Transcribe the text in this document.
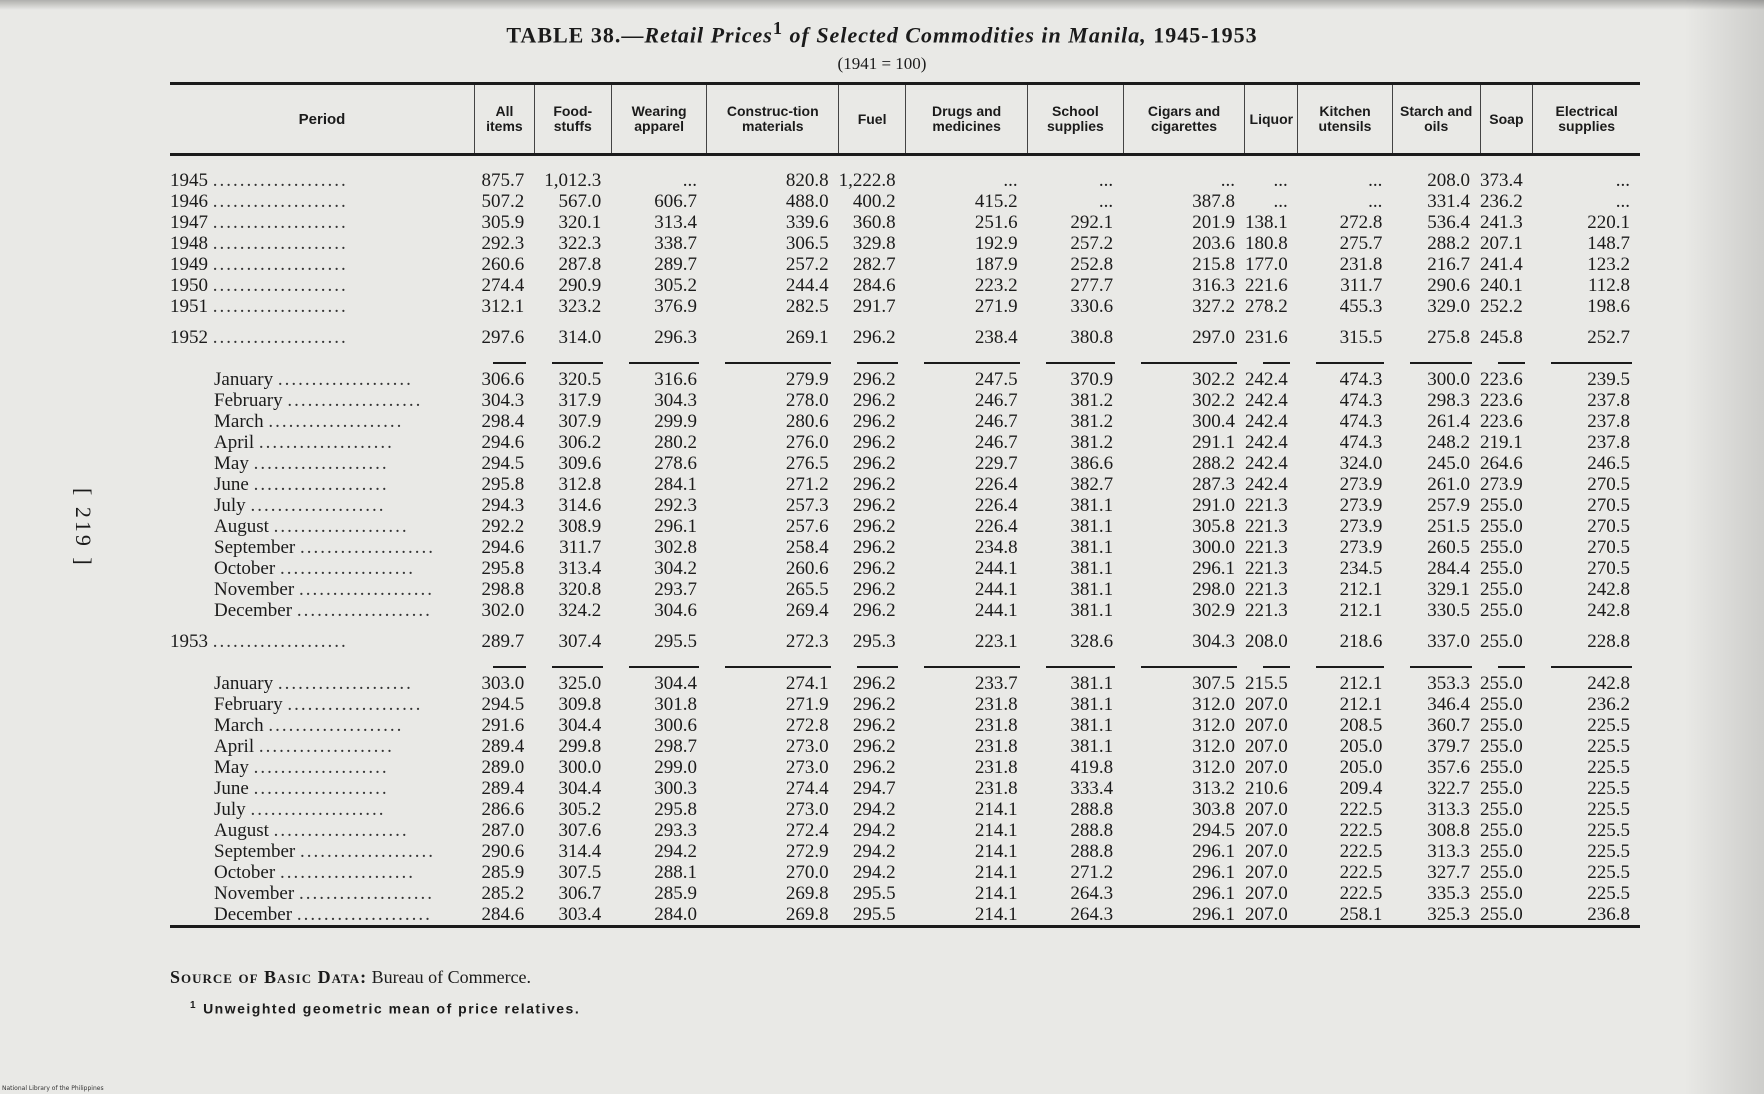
TABLE 38.—Retail Prices$^1$ of Selected Commodities in Manila, 1945-1953
(1941 = 100)
[ 219 ]
Period	All items	Food-stuffs	Wearing apparel	Construc-tion materials	Fuel	Drugs and medicines	School supplies	Cigars and cigarettes	Liquor	Kitchen utensils	Starch and oils	Soap	Electrical supplies

1945 ....................	875.7	1,012.3	...	820.8	1,222.8	...	...	...	...	...	208.0	373.4	...
1946 ....................	507.2	567.0	606.7	488.0	400.2	415.2	...	387.8	...	...	331.4	236.2	...
1947 ....................	305.9	320.1	313.4	339.6	360.8	251.6	292.1	201.9	138.1	272.8	536.4	241.3	220.1
1948 ....................	292.3	322.3	338.7	306.5	329.8	192.9	257.2	203.6	180.8	275.7	288.2	207.1	148.7
1949 ....................	260.6	287.8	289.7	257.2	282.7	187.9	252.8	215.8	177.0	231.8	216.7	241.4	123.2
1950 ....................	274.4	290.9	305.2	244.4	284.6	223.2	277.7	316.3	221.6	311.7	290.6	240.1	112.8
1951 ....................	312.1	323.2	376.9	282.5	291.7	271.9	330.6	327.2	278.2	455.3	329.0	252.2	198.6
1952 ....................	297.6	314.0	296.3	269.1	296.2	238.4	380.8	297.0	231.6	315.5	275.8	245.8	252.7

January ....................	306.6	320.5	316.6	279.9	296.2	247.5	370.9	302.2	242.4	474.3	300.0	223.6	239.5
February ....................	304.3	317.9	304.3	278.0	296.2	246.7	381.2	302.2	242.4	474.3	298.3	223.6	237.8
March ....................	298.4	307.9	299.9	280.6	296.2	246.7	381.2	300.4	242.4	474.3	261.4	223.6	237.8
April ....................	294.6	306.2	280.2	276.0	296.2	246.7	381.2	291.1	242.4	474.3	248.2	219.1	237.8
May ....................	294.5	309.6	278.6	276.5	296.2	229.7	386.6	288.2	242.4	324.0	245.0	264.6	246.5
June ....................	295.8	312.8	284.1	271.2	296.2	226.4	382.7	287.3	242.4	273.9	261.0	273.9	270.5
July ....................	294.3	314.6	292.3	257.3	296.2	226.4	381.1	291.0	221.3	273.9	257.9	255.0	270.5
August ....................	292.2	308.9	296.1	257.6	296.2	226.4	381.1	305.8	221.3	273.9	251.5	255.0	270.5
September ....................	294.6	311.7	302.8	258.4	296.2	234.8	381.1	300.0	221.3	273.9	260.5	255.0	270.5
October ....................	295.8	313.4	304.2	260.6	296.2	244.1	381.1	296.1	221.3	234.5	284.4	255.0	270.5
November ....................	298.8	320.8	293.7	265.5	296.2	244.1	381.1	298.0	221.3	212.1	329.1	255.0	242.8
December ....................	302.0	324.2	304.6	269.4	296.2	244.1	381.1	302.9	221.3	212.1	330.5	255.0	242.8
1953 ....................	289.7	307.4	295.5	272.3	295.3	223.1	328.6	304.3	208.0	218.6	337.0	255.0	228.8

January ....................	303.0	325.0	304.4	274.1	296.2	233.7	381.1	307.5	215.5	212.1	353.3	255.0	242.8
February ....................	294.5	309.8	301.8	271.9	296.2	231.8	381.1	312.0	207.0	212.1	346.4	255.0	236.2
March ....................	291.6	304.4	300.6	272.8	296.2	231.8	381.1	312.0	207.0	208.5	360.7	255.0	225.5
April ....................	289.4	299.8	298.7	273.0	296.2	231.8	381.1	312.0	207.0	205.0	379.7	255.0	225.5
May ....................	289.0	300.0	299.0	273.0	296.2	231.8	419.8	312.0	207.0	205.0	357.6	255.0	225.5
June ....................	289.4	304.4	300.3	274.4	294.7	231.8	333.4	313.2	210.6	209.4	322.7	255.0	225.5
July ....................	286.6	305.2	295.8	273.0	294.2	214.1	288.8	303.8	207.0	222.5	313.3	255.0	225.5
August ....................	287.0	307.6	293.3	272.4	294.2	214.1	288.8	294.5	207.0	222.5	308.8	255.0	225.5
September ....................	290.6	314.4	294.2	272.9	294.2	214.1	288.8	296.1	207.0	222.5	313.3	255.0	225.5
October ....................	285.9	307.5	288.1	270.0	294.2	214.1	271.2	296.1	207.0	222.5	327.7	255.0	225.5
November ....................	285.2	306.7	285.9	269.8	295.5	214.1	264.3	296.1	207.0	222.5	335.3	255.0	225.5
December ....................	284.6	303.4	284.0	269.8	295.5	214.1	264.3	296.1	207.0	258.1	325.3	255.0	236.8
Source of Basic Data: Bureau of Commerce.
$^1$ Unweighted geometric mean of price relatives.
National Library of the Philippines
